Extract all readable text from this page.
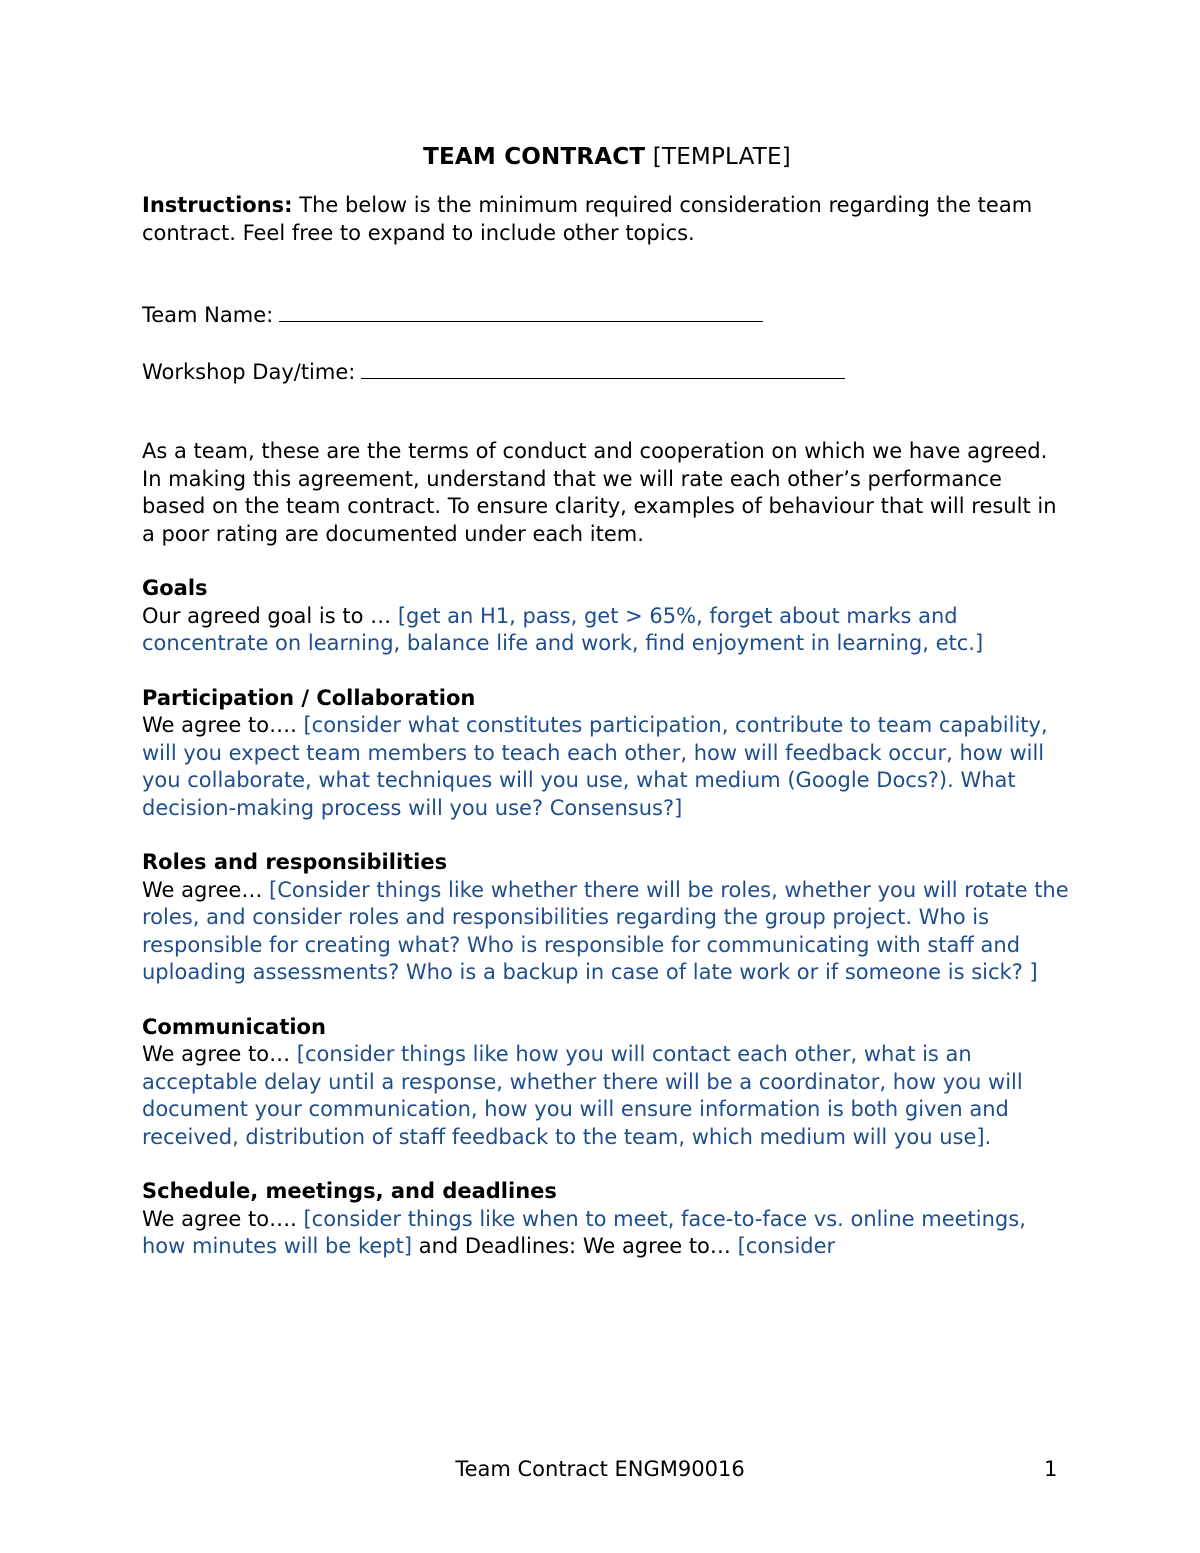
TEAM CONTRACT [TEMPLATE]

Instructions: The below is the minimum required consideration regarding the team contract. Feel free to expand to include other topics.

Team Name:

Workshop Day/time:

As a team, these are the terms of conduct and cooperation on which we have agreed. In making this agreement, understand that we will rate each other’s performance based on the team contract. To ensure clarity, examples of behaviour that will result in a poor rating are documented under each item.

Goals

Our agreed goal is to … [get an H1, pass, get > 65%, forget about marks and concentrate on learning, balance life and work, find enjoyment in learning, etc.]

Participation / Collaboration

We agree to…. [consider what constitutes participation, contribute to team capability, will you expect team members to teach each other, how will feedback occur, how will you collaborate, what techniques will you use, what medium (Google Docs?). What decision-making process will you use? Consensus?]

Roles and responsibilities

We agree… [Consider things like whether there will be roles, whether you will rotate the roles, and consider roles and responsibilities regarding the group project. Who is responsible for creating what? Who is responsible for communicating with staff and uploading assessments? Who is a backup in case of late work or if someone is sick? ]

Communication

We agree to… [consider things like how you will contact each other, what is an acceptable delay until a response, whether there will be a coordinator, how you will document your communication, how you will ensure information is both given and received, distribution of staff feedback to the team, which medium will you use].

Schedule, meetings, and deadlines

We agree to…. [consider things like when to meet, face-to-face vs. online meetings, how minutes will be kept] and Deadlines: We agree to… [consider

Team Contract ENGM90016	1
